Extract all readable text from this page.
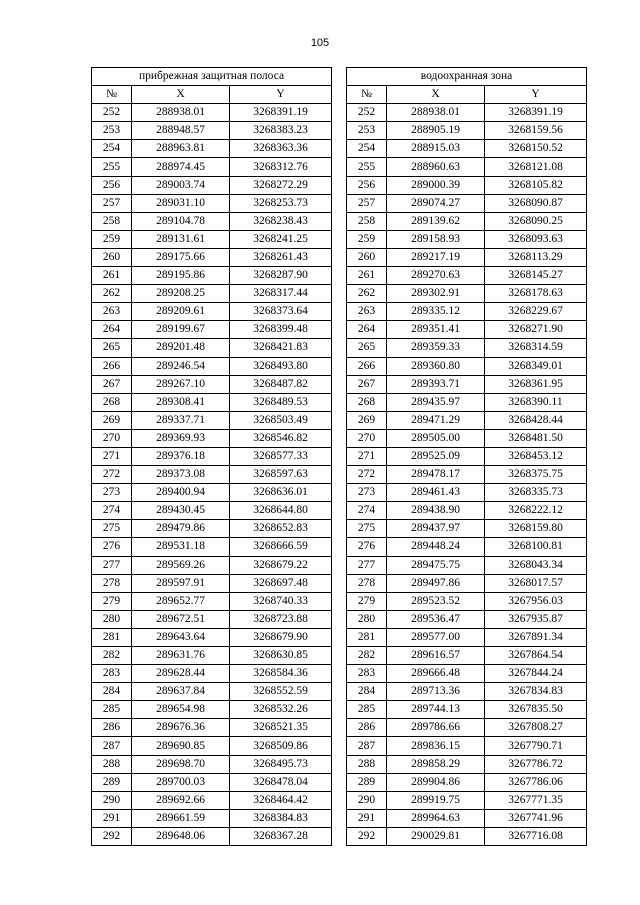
105
прибрежная защитная полоса				водоохранная зона		
№	X	Y		№	X	Y
252	288938.01	3268391.19		252	288938.01	3268391.19
253	288948.57	3268383.23		253	288905.19	3268159.56
254	288963.81	3268363.36		254	288915.03	3268150.52
255	288974.45	3268312.76		255	288960.63	3268121.08
256	289003.74	3268272.29		256	289000.39	3268105.82
257	289031.10	3268253.73		257	289074.27	3268090.87
258	289104.78	3268238.43		258	289139.62	3268090.25
259	289131.61	3268241.25		259	289158.93	3268093.63
260	289175.66	3268261.43		260	289217.19	3268113.29
261	289195.86	3268287.90		261	289270.63	3268145.27
262	289208.25	3268317.44		262	289302.91	3268178.63
263	289209.61	3268373.64		263	289335.12	3268229.67
264	289199.67	3268399.48		264	289351.41	3268271.90
265	289201.48	3268421.83		265	289359.33	3268314.59
266	289246.54	3268493.80		266	289360.80	3268349.01
267	289267.10	3268487.82		267	289393.71	3268361.95
268	289308.41	3268489.53		268	289435.97	3268390.11
269	289337.71	3268503.49		269	289471.29	3268428.44
270	289369.93	3268546.82		270	289505.00	3268481.50
271	289376.18	3268577.33		271	289525.09	3268453.12
272	289373.08	3268597.63		272	289478.17	3268375.75
273	289400.94	3268636.01		273	289461.43	3268335.73
274	289430.45	3268644.80		274	289438.90	3268222.12
275	289479.86	3268652.83		275	289437.97	3268159.80
276	289531.18	3268666.59		276	289448.24	3268100.81
277	289569.26	3268679.22		277	289475.75	3268043.34
278	289597.91	3268697.48		278	289497.86	3268017.57
279	289652.77	3268740.33		279	289523.52	3267956.03
280	289672.51	3268723.88		280	289536.47	3267935.87
281	289643.64	3268679.90		281	289577.00	3267891.34
282	289631.76	3268630.85		282	289616.57	3267864.54
283	289628.44	3268584.36		283	289666.48	3267844.24
284	289637.84	3268552.59		284	289713.36	3267834.83
285	289654.98	3268532.26		285	289744.13	3267835.50
286	289676.36	3268521.35		286	289786.66	3267808.27
287	289690.85	3268509.86		287	289836.15	3267790.71
288	289698.70	3268495.73		288	289858.29	3267786.72
289	289700.03	3268478.04		289	289904.86	3267786.06
290	289692.66	3268464.42		290	289919.75	3267771.35
291	289661.59	3268384.83		291	289964.63	3267741.96
292	289648.06	3268367.28		292	290029.81	3267716.08
